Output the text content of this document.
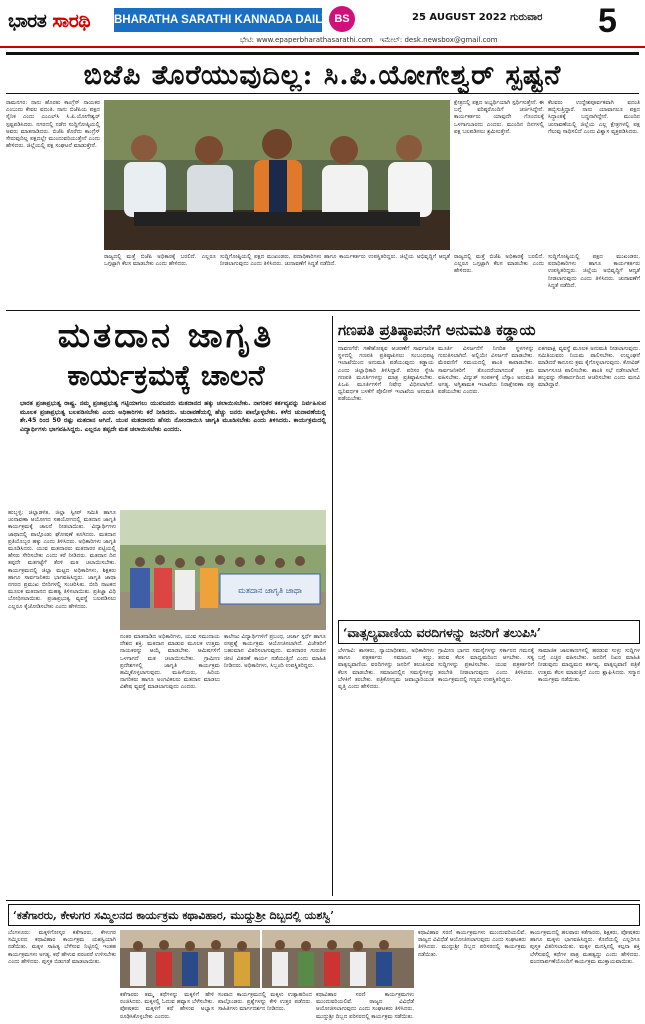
ಭಾರತ ಸಾರಥಿ BHARATHA SARATHI KANNADA DAILY BS	25 AUGUST 2022 ಗುರುವಾರ 5
ಭೇಟಿ: www.epaperbharathasarathi.com ಇಮೇಲ್: desk.newsbox@gmail.com
ಬಿಜೆಪಿ ತೊರೆಯುವುದಿಲ್ಲ: ಸಿ.ಪಿ.ಯೋಗೇಶ್ವರ್ ಸ್ಪಷ್ಟನೆ
ರಾಮನಗರ: ನಾನು ಹೊರತು ಕಾಂಗ್ರೆಸ್ ನಾಯಕರ ಎಂಬುದು ಕೇವಲ ವದಂತಿ. ನಾನು ಬಿಜೆಪಿಯ ಪಕ್ಷದ ಸೈನಿಕ ಎಂದು ಎಂಎಲ್‌ಸಿ ಸಿ.ಪಿ.ಯೋಗೇಶ್ವರ್ ಸ್ಪಷ್ಟಪಡಿಸಿದರು. ನಗರದಲ್ಲಿ ನಡೆದ ಸುದ್ದಿಗೋಷ್ಠಿಯಲ್ಲಿ ಅವರು ಮಾತನಾಡಿದರು. ಬಿಜೆಪಿ ತೊರೆದು ಕಾಂಗ್ರೆಸ್ ಸೇರುವುದಿಲ್ಲ ಪಕ್ಷದಲ್ಲೇ ಮುಂದುವರಿಯುತ್ತೇನೆ ಎಂದು ಹೇಳಿದರು. ಜಿಲ್ಲೆಯಲ್ಲಿ ಪಕ್ಷ ಸಂಘಟನೆ ಮಾಡುತ್ತೇನೆ.
ಕ್ಷೇತ್ರದಲ್ಲಿ ಪಕ್ಷದ ಅಭ್ಯರ್ಥಿಯಾಗಿ ಸ್ಪರ್ಧಿಸುತ್ತೇನೆ. ಈ ಬಗ್ಗೆ ವರಿಷ್ಠರೊಂದಿಗೆ ಚರ್ಚಿಸಿದ್ದೇನೆ. ಕಾರ್ಯಕರ್ತರು ಯಾವುದೇ ಗೊಂದಲಕ್ಕೆ ಒಳಗಾಗಬಾರದು ಎಂದರು. ಮುಂದಿನ ದಿನಗಳಲ್ಲಿ ಪಕ್ಷ ಬಲಪಡಿಸಲು ಶ್ರಮಿಸುತ್ತೇನೆ.
ಕೆಲವರು ಉದ್ದೇಶಪೂರ್ವಕವಾಗಿ ವದಂತಿ ಹಬ್ಬಿಸುತ್ತಿದ್ದಾರೆ. ನಾನು ಯಾವಾಗಲೂ ಪಕ್ಷದ ಸಿದ್ಧಾಂತಕ್ಕೆ ಬದ್ಧನಾಗಿದ್ದೇನೆ. ಮುಂದಿನ ಚುನಾವಣೆಯಲ್ಲಿ ಜಿಲ್ಲೆಯ ಎಲ್ಲ ಕ್ಷೇತ್ರಗಳಲ್ಲಿ ಪಕ್ಷ ಗೆಲುವು ಸಾಧಿಸಲಿದೆ ಎಂದು ವಿಶ್ವಾಸ ವ್ಯಕ್ತಪಡಿಸಿದರು.
ರಾಜ್ಯದಲ್ಲಿ ಮತ್ತೆ ಬಿಜೆಪಿ ಅಧಿಕಾರಕ್ಕೆ ಬರಲಿದೆ. ಎಲ್ಲರೂ ಒಗ್ಗಟ್ಟಾಗಿ ಕೆಲಸ ಮಾಡಬೇಕು ಎಂದು ಹೇಳಿದರು.
ಸುದ್ದಿಗೋಷ್ಠಿಯಲ್ಲಿ ಪಕ್ಷದ ಮುಖಂಡರು, ಪದಾಧಿಕಾರಿಗಳು ಹಾಗೂ ಕಾರ್ಯಕರ್ತರು ಉಪಸ್ಥಿತರಿದ್ದರು. ಜಿಲ್ಲೆಯ ಅಭಿವೃದ್ಧಿಗೆ ಆದ್ಯತೆ ನೀಡಲಾಗುವುದು ಎಂದು ತಿಳಿಸಿದರು. ಚುನಾವಣೆಗೆ ಸಿದ್ಧತೆ ನಡೆದಿದೆ.
ರಾಜ್ಯದಲ್ಲಿ ಮತ್ತೆ ಬಿಜೆಪಿ ಅಧಿಕಾರಕ್ಕೆ ಬರಲಿದೆ. ಎಲ್ಲರೂ ಒಗ್ಗಟ್ಟಾಗಿ ಕೆಲಸ ಮಾಡಬೇಕು ಎಂದು ಹೇಳಿದರು.
ಸುದ್ದಿಗೋಷ್ಠಿಯಲ್ಲಿ ಪಕ್ಷದ ಮುಖಂಡರು, ಪದಾಧಿಕಾರಿಗಳು ಹಾಗೂ ಕಾರ್ಯಕರ್ತರು ಉಪಸ್ಥಿತರಿದ್ದರು. ಜಿಲ್ಲೆಯ ಅಭಿವೃದ್ಧಿಗೆ ಆದ್ಯತೆ ನೀಡಲಾಗುವುದು ಎಂದು ತಿಳಿಸಿದರು. ಚುನಾವಣೆಗೆ ಸಿದ್ಧತೆ ನಡೆದಿದೆ.
ಮತದಾನ ಜಾಗೃತಿ
ಕಾರ್ಯಕ್ರಮಕ್ಕೆ ಚಾಲನೆ
ಭಾರತ ಪ್ರಜಾಪ್ರಭುತ್ವ ರಾಷ್ಟ್ರ. ನಮ್ಮ ಪ್ರಜಾಪ್ರಭುತ್ವ ಗಟ್ಟಿಯಾಗಲು ಯುವಜನರು ಮತದಾನದ ಹಕ್ಕು ಚಲಾಯಿಸಬೇಕು. ನಾಗರಿಕರ ಕರ್ತವ್ಯವನ್ನು ನಿರ್ವಹಿಸುವ ಮೂಲಕ ಪ್ರಜಾಪ್ರಭುತ್ವ ಬಲಪಡಿಸಬೇಕು ಎಂದು ಅಧಿಕಾರಿಗಳು ಕರೆ ನೀಡಿದರು. ಚುನಾವಣೆಯಲ್ಲಿ ಹೆಚ್ಚು ಜನರು ಪಾಲ್ಗೊಳ್ಳಬೇಕು. ಕಳೆದ ಚುನಾವಣೆಯಲ್ಲಿ ಶೇ.45 ರಿಂದ 50 ರಷ್ಟು ಮತದಾನ ಆಗಿದೆ. ಯುವ ಮತದಾರರು ಹೆಸರು ನೋಂದಾಯಿಸಿ ಜಾಗೃತಿ ಮೂಡಿಸಬೇಕು ಎಂದು ತಿಳಿಸಿದರು. ಕಾರ್ಯಕ್ರಮದಲ್ಲಿ ವಿದ್ಯಾರ್ಥಿಗಳು ಭಾಗವಹಿಸಿದ್ದರು. ಎಲ್ಲರೂ ತಪ್ಪದೇ ಮತ ಚಲಾಯಿಸಬೇಕು ಎಂದರು.
ಹುಬ್ಬಳ್ಳಿ: ಜಿಲ್ಲಾಡಳಿತ, ಜಿಲ್ಲಾ ಸ್ವೀಪ್ ಸಮಿತಿ ಹಾಗೂ ಚುನಾವಣಾ ಆಯೋಗದ ಸಹಯೋಗದಲ್ಲಿ ಮತದಾನ ಜಾಗೃತಿ ಕಾರ್ಯಕ್ರಮಕ್ಕೆ ಚಾಲನೆ ನೀಡಲಾಯಿತು. ವಿದ್ಯಾರ್ಥಿಗಳು ಜಾಥಾದಲ್ಲಿ ಪಾಲ್ಗೊಂಡು ಘೋಷಣೆ ಕೂಗಿದರು. ಮತದಾನ ಪ್ರತಿಯೊಬ್ಬರ ಹಕ್ಕು ಎಂದು ತಿಳಿಸಿದರು. ಅಧಿಕಾರಿಗಳು ಜಾಗೃತಿ ಮೂಡಿಸಿದರು. ಯುವ ಮತದಾರರು ಮತದಾರರ ಪಟ್ಟಿಯಲ್ಲಿ ಹೆಸರು ಸೇರಿಸಬೇಕು ಎಂದು ಕರೆ ನೀಡಿದರು. ಮತದಾನ ದಿನ ತಪ್ಪದೇ ಮತಗಟ್ಟೆಗೆ ತೆರಳಿ ಮತ ಚಲಾಯಿಸಬೇಕು. ಕಾರ್ಯಕ್ರಮದಲ್ಲಿ ಜಿಲ್ಲಾ ಮಟ್ಟದ ಅಧಿಕಾರಿಗಳು, ಶಿಕ್ಷಕರು ಹಾಗೂ ಸಾರ್ವಜನಿಕರು ಭಾಗವಹಿಸಿದ್ದರು. ಜಾಗೃತಿ ಜಾಥಾ ನಗರದ ಪ್ರಮುಖ ಬೀದಿಗಳಲ್ಲಿ ಸಂಚರಿಸಿತು. ಬೀದಿ ನಾಟಕದ ಮೂಲಕ ಮತದಾನದ ಮಹತ್ವ ತಿಳಿಸಲಾಯಿತು. ಪ್ರತಿಜ್ಞಾ ವಿಧಿ ಬೋಧಿಸಲಾಯಿತು. ಪ್ರಜಾಪ್ರಭುತ್ವ ವ್ಯವಸ್ಥೆ ಬಲಪಡಿಸಲು ಎಲ್ಲರೂ ಕೈಜೋಡಿಸಬೇಕು ಎಂದು ಹೇಳಿದರು.
ಮತದಾನ ಜಾಗೃತಿ ಜಾಥಾ
ನಂತರ ಮಾತನಾಡಿದ ಅಧಿಕಾರಿಗಳು, ಯುವ ಸಮುದಾಯ ದೇಶದ ಶಕ್ತಿ. ಮತದಾನ ಮಾಡುವ ಮೂಲಕ ಉತ್ತಮ ನಾಯಕರನ್ನು ಆಯ್ಕೆ ಮಾಡಬೇಕು. ಆಮಿಷಗಳಿಗೆ ಒಳಗಾಗದೆ ಮತ ಚಲಾಯಿಸಬೇಕು. ಗ್ರಾಮೀಣ ಪ್ರದೇಶಗಳಲ್ಲಿ ಜಾಗೃತಿ ಕಾರ್ಯಕ್ರಮ ಹಮ್ಮಿಕೊಳ್ಳಲಾಗುವುದು. ಮಹಿಳೆಯರು, ಹಿರಿಯ ನಾಗರಿಕರು ಹಾಗೂ ಅಂಗವಿಕಲರು ಮತದಾನ ಮಾಡಲು ವಿಶೇಷ ವ್ಯವಸ್ಥೆ ಮಾಡಲಾಗುವುದು ಎಂದರು.
ಕಾಲೇಜು ವಿದ್ಯಾರ್ಥಿಗಳಿಗೆ ಪ್ರಬಂಧ, ಚರ್ಚಾ ಸ್ಪರ್ಧೆ ಹಾಗೂ ರಸಪ್ರಶ್ನೆ ಕಾರ್ಯಕ್ರಮ ಆಯೋಜಿಸಲಾಗಿದೆ. ವಿಜೇತರಿಗೆ ಬಹುಮಾನ ವಿತರಿಸಲಾಗುವುದು. ಮತದಾರರ ಗುರುತಿನ ಚೀಟಿ ವಿತರಣೆ ಕಾರ್ಯ ನಡೆಯುತ್ತಿದೆ ಎಂದು ಮಾಹಿತಿ ನೀಡಿದರು. ಅಧಿಕಾರಿಗಳು, ಸಿಬ್ಬಂದಿ ಉಪಸ್ಥಿತರಿದ್ದರು.
ಗಣಪತಿ ಪ್ರತಿಷ್ಠಾಪನೆಗೆ ಅನುಮತಿ ಕಡ್ಡಾಯ
ದಾವಣಗೆರೆ: ಗಣೇಶೋತ್ಸವ ಆಚರಣೆಗೆ ಸಾರ್ವಜನಿಕ ಸ್ಥಳದಲ್ಲಿ ಗಣಪತಿ ಪ್ರತಿಷ್ಠಾಪಿಸಲು ಸಂಬಂಧಪಟ್ಟ ಇಲಾಖೆಯಿಂದ ಅನುಮತಿ ಪಡೆಯುವುದು ಕಡ್ಡಾಯ ಎಂದು ಜಿಲ್ಲಾಧಿಕಾರಿ ತಿಳಿಸಿದ್ದಾರೆ. ಪರಿಸರ ಸ್ನೇಹಿ ಗಣಪತಿ ಮೂರ್ತಿಗಳನ್ನು ಮಾತ್ರ ಪ್ರತಿಷ್ಠಾಪಿಸಬೇಕು. ಪಿಒಪಿ ಮೂರ್ತಿಗಳಿಗೆ ನಿಷೇಧ ವಿಧಿಸಲಾಗಿದೆ. ಧ್ವನಿವರ್ಧಕ ಬಳಕೆಗೆ ಪೊಲೀಸ್ ಇಲಾಖೆಯ ಅನುಮತಿ ಪಡೆಯಬೇಕು.
ಮೂರ್ತಿ ವಿಸರ್ಜನೆಗೆ ನಿಗದಿತ ಸ್ಥಳಗಳನ್ನು ಗುರುತಿಸಲಾಗಿದೆ. ಅಲ್ಲಿಯೇ ವಿಸರ್ಜನೆ ಮಾಡಬೇಕು. ಮೆರವಣಿಗೆ ಸಮಯದಲ್ಲಿ ಶಾಂತಿ ಕಾಪಾಡಬೇಕು. ಸಾರ್ವಜನಿಕರಿಗೆ ತೊಂದರೆಯಾಗದಂತೆ ಕ್ರಮ ವಹಿಸಬೇಕು. ವಿದ್ಯುತ್ ಸಂಪರ್ಕಕ್ಕೆ ಬೆಸ್ಕಾಂ ಅನುಮತಿ ಅಗತ್ಯ. ಅಗ್ನಿಶಾಮಕ ಇಲಾಖೆಯ ನಿರಾಕ್ಷೇಪಣಾ ಪತ್ರ ಪಡೆಯಬೇಕು ಎಂದರು.
ಏಕಗವಾಕ್ಷಿ ವ್ಯವಸ್ಥೆ ಮೂಲಕ ಅನುಮತಿ ನೀಡಲಾಗುವುದು. ಸಮಿತಿಯವರು ನಿಯಮ ಪಾಲಿಸಬೇಕು. ಉಲ್ಲಂಘನೆ ಮಾಡಿದರೆ ಕಾನೂನು ಕ್ರಮ ಕೈಗೊಳ್ಳಲಾಗುವುದು. ಕೋವಿಡ್ ಮಾರ್ಗಸೂಚಿ ಪಾಲಿಸಬೇಕು. ಶಾಂತಿ ಸಭೆ ನಡೆಸಲಾಗಿದೆ. ಹಬ್ಬವನ್ನು ಸೌಹಾರ್ದದಿಂದ ಆಚರಿಸಬೇಕು ಎಂದು ಮನವಿ ಮಾಡಿದ್ದಾರೆ.
‘ವಾತ್ಸಲ್ಯವಾಣಿಯ ವರದಿಗಳನ್ನು ಜನರಿಗೆ ತಲುಪಿಸಿ’
ಬೆಳಗಾವಿ: ಶಾಸಕರು, ನ್ಯಾಯಾಧೀಶರು, ಅಧಿಕಾರಿಗಳು ಹಾಗೂ ಪತ್ರಕರ್ತರು ಸಮಾಜದ ಕಣ್ಣು. ವಾತ್ಸಲ್ಯವಾಣಿಯ ವರದಿಗಳನ್ನು ಜನರಿಗೆ ತಲುಪಿಸುವ ಕೆಲಸ ಮಾಡಬೇಕು. ಸಮಾಜದಲ್ಲಿನ ಸಮಸ್ಯೆಗಳನ್ನು ಬೆಳಕಿಗೆ ತರಬೇಕು. ಪತ್ರಿಕೋದ್ಯಮ ಜವಾಬ್ದಾರಿಯುತ ವೃತ್ತಿ ಎಂದು ಹೇಳಿದರು.
ಗ್ರಾಮೀಣ ಭಾಗದ ಸಮಸ್ಯೆಗಳನ್ನು ಸರ್ಕಾರದ ಗಮನಕ್ಕೆ ತರುವ ಕೆಲಸ ಮಾಧ್ಯಮದಿಂದ ಆಗಬೇಕು. ಸತ್ಯ ಸುದ್ದಿಗಳನ್ನು ಪ್ರಕಟಿಸಬೇಕು. ಯುವ ಪತ್ರಕರ್ತರಿಗೆ ತರಬೇತಿ ನೀಡಲಾಗುವುದು ಎಂದು ತಿಳಿಸಿದರು. ಕಾರ್ಯಕ್ರಮದಲ್ಲಿ ಗಣ್ಯರು ಉಪಸ್ಥಿತರಿದ್ದರು.
ಸಾಮಾಜಿಕ ಜಾಲತಾಣಗಳಲ್ಲಿ ಹರಡುವ ಸುಳ್ಳು ಸುದ್ದಿಗಳ ಬಗ್ಗೆ ಎಚ್ಚರ ವಹಿಸಬೇಕು. ಜನರಿಗೆ ನಿಖರ ಮಾಹಿತಿ ನೀಡುವುದು ಮಾಧ್ಯಮದ ಕರ್ತವ್ಯ. ವಾತ್ಸಲ್ಯವಾಣಿ ಪತ್ರಿಕೆ ಉತ್ತಮ ಕೆಲಸ ಮಾಡುತ್ತಿದೆ ಎಂದು ಶ್ಲಾಘಿಸಿದರು. ಸನ್ಮಾನ ಕಾರ್ಯಕ್ರಮ ನಡೆಯಿತು.
‘ಕತೆಗಾರರು, ಕೇಳುಗರ ಸಮ್ಮಿಲನದ ಕಾರ್ಯಕ್ರಮ ಕಥಾವಿಹಾರ, ಮುದ್ದುಶ್ರೀ ದಿಬ್ಬದಲ್ಲಿ ಯಶಸ್ವಿ’
ಬೆಂಗಳೂರು: ಮಕ್ಕಳಿಗೋಸ್ಕರ ಕತೆಗಾರರು, ಕೇಳುಗರ ಸಮ್ಮಿಲನದ ಕಥಾವಿಹಾರ ಕಾರ್ಯಕ್ರಮ ಯಶಸ್ವಿಯಾಗಿ ನಡೆಯಿತು. ಮಕ್ಕಳ ಸಾಹಿತ್ಯ ಬೆಳೆಸುವ ನಿಟ್ಟಿನಲ್ಲಿ ಇಂತಹ ಕಾರ್ಯಕ್ರಮಗಳು ಅಗತ್ಯ. ಕಥೆ ಹೇಳುವ ಪರಂಪರೆ ಉಳಿಸಬೇಕು ಎಂದು ಹೇಳಿದರು. ಪುಸ್ತಕ ಬಿಡುಗಡೆ ಮಾಡಲಾಯಿತು.
ಕತೆಗಾರರು ತಮ್ಮ ಕಥೆಗಳನ್ನು ಮಕ್ಕಳಿಗೆ ಹೇಳಿ ರಂಜಿಸಿದರು. ಮಕ್ಕಳಲ್ಲಿ ಓದುವ ಹವ್ಯಾಸ ಬೆಳೆಸಬೇಕು. ಪೋಷಕರು ಮಕ್ಕಳಿಗೆ ಕಥೆ ಹೇಳುವ ಅಭ್ಯಾಸ ರೂಢಿಸಿಕೊಳ್ಳಬೇಕು ಎಂದರು.
ಸಂವಾದ ಕಾರ್ಯಕ್ರಮದಲ್ಲಿ ಮಕ್ಕಳು ಉತ್ಸಾಹದಿಂದ ಪಾಲ್ಗೊಂಡರು. ಪ್ರಶ್ನೆಗಳನ್ನು ಕೇಳಿ ಉತ್ತರ ಪಡೆದರು. ಸಾಹಿತಿಗಳು ಮಾರ್ಗದರ್ಶನ ನೀಡಿದರು.
ಕಥಾವಿಹಾರ ಸರಣಿ ಕಾರ್ಯಕ್ರಮಗಳು ಮುಂದುವರಿಯಲಿವೆ. ರಾಜ್ಯದ ವಿವಿಧೆಡೆ ಆಯೋಜಿಸಲಾಗುವುದು ಎಂದು ಸಂಘಟಕರು ತಿಳಿಸಿದರು. ಮುದ್ದುಶ್ರೀ ದಿಬ್ಬದ ಪರಿಸರದಲ್ಲಿ ಕಾರ್ಯಕ್ರಮ ನಡೆಯಿತು.
ಕಥಾವಿಹಾರ ಸರಣಿ ಕಾರ್ಯಕ್ರಮಗಳು ಮುಂದುವರಿಯಲಿವೆ. ರಾಜ್ಯದ ವಿವಿಧೆಡೆ ಆಯೋಜಿಸಲಾಗುವುದು ಎಂದು ಸಂಘಟಕರು ತಿಳಿಸಿದರು. ಮುದ್ದುಶ್ರೀ ದಿಬ್ಬದ ಪರಿಸರದಲ್ಲಿ ಕಾರ್ಯಕ್ರಮ ನಡೆಯಿತು.
ಕಾರ್ಯಕ್ರಮದಲ್ಲಿ ಹಲವಾರು ಕತೆಗಾರರು, ಶಿಕ್ಷಕರು, ಪೋಷಕರು ಹಾಗೂ ಮಕ್ಕಳು ಭಾಗವಹಿಸಿದ್ದರು. ಕೊನೆಯಲ್ಲಿ ಎಲ್ಲರಿಗೂ ಪುಸ್ತಕ ವಿತರಿಸಲಾಯಿತು. ಮಕ್ಕಳ ಮನಸ್ಸಿನಲ್ಲಿ ಕಲ್ಪನಾ ಶಕ್ತಿ ಬೆಳೆಸುವಲ್ಲಿ ಕಥೆಗಳ ಪಾತ್ರ ಮಹತ್ವದ್ದು ಎಂದು ಹೇಳಿದರು. ವಂದನಾರ್ಪಣೆಯೊಂದಿಗೆ ಕಾರ್ಯಕ್ರಮ ಮುಕ್ತಾಯವಾಯಿತು.
